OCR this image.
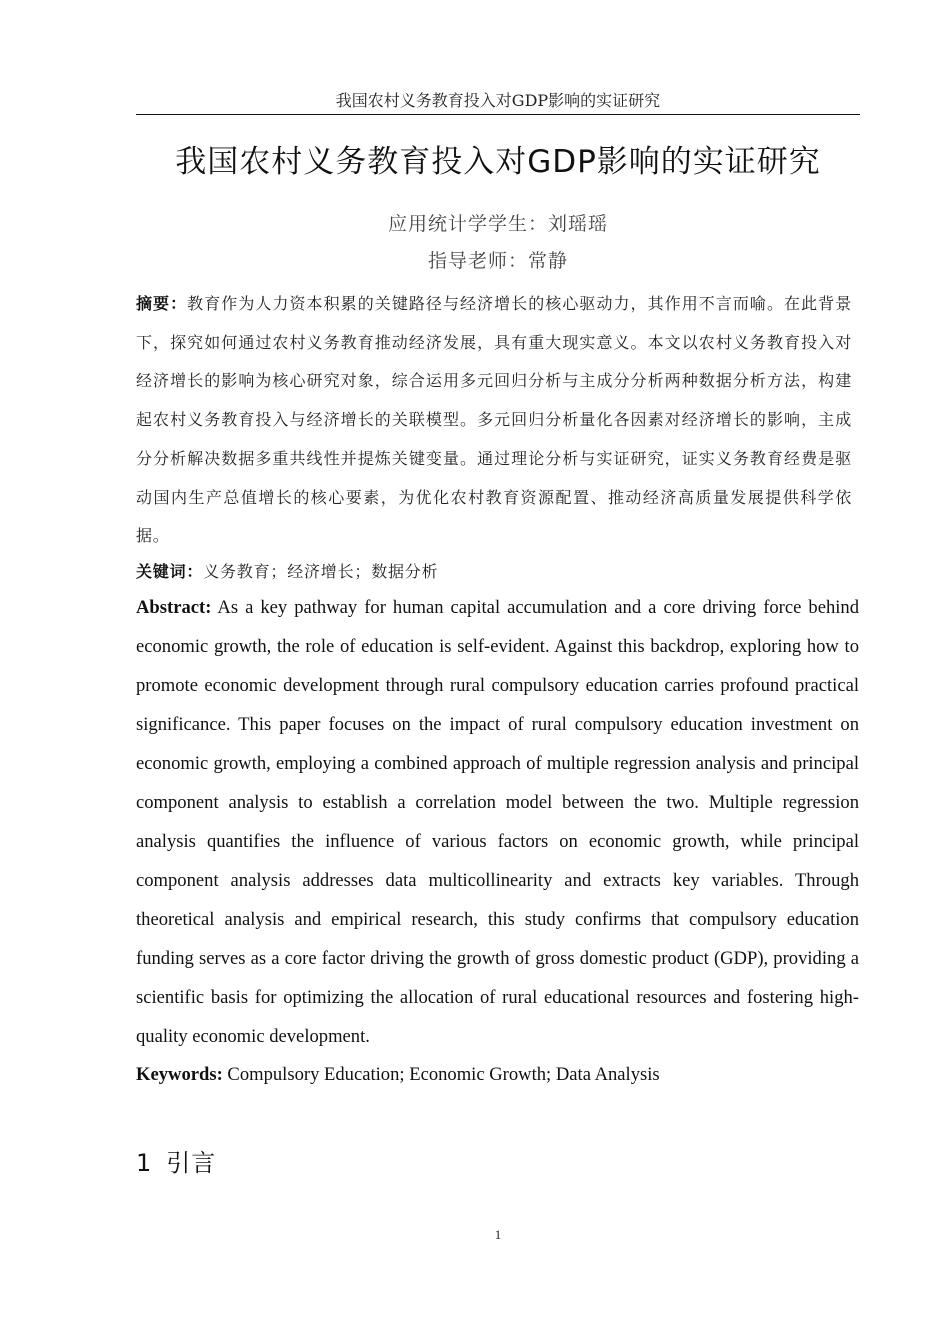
我国农村义务教育投入对GDP影响的实证研究
我国农村义务教育投入对GDP影响的实证研究
应用统计学学生：刘瑶瑶
指导老师：常静
摘要：教育作为人力资本积累的关键路径与经济增长的核心驱动力，其作用不言而喻。在此背景下，探究如何通过农村义务教育推动经济发展，具有重大现实意义。本文以农村义务教育投入对经济增长的影响为核心研究对象，综合运用多元回归分析与主成分分析两种数据分析方法，构建起农村义务教育投入与经济增长的关联模型。多元回归分析量化各因素对经济增长的影响，主成分分析解决数据多重共线性并提炼关键变量。通过理论分析与实证研究，证实义务教育经费是驱动国内生产总值增长的核心要素，为优化农村教育资源配置、推动经济高质量发展提供科学依据。
关键词：义务教育；经济增长；数据分析
Abstract: As a key pathway for human capital accumulation and a core driving force behind economic growth, the role of education is self-evident. Against this backdrop, exploring how to promote economic development through rural compulsory education carries profound practical significance. This paper focuses on the impact of rural compulsory education investment on economic growth, employing a combined approach of multiple regression analysis and principal component analysis to establish a correlation model between the two. Multiple regression analysis quantifies the influence of various factors on economic growth, while principal component analysis addresses data multicollinearity and extracts key variables. Through theoretical analysis and empirical research, this study confirms that compulsory education funding serves as a core factor driving the growth of gross domestic product (GDP), providing a scientific basis for optimizing the allocation of rural educational resources and fostering high-quality economic development.
Keywords: Compulsory Education; Economic Growth; Data Analysis
1 引言
1
